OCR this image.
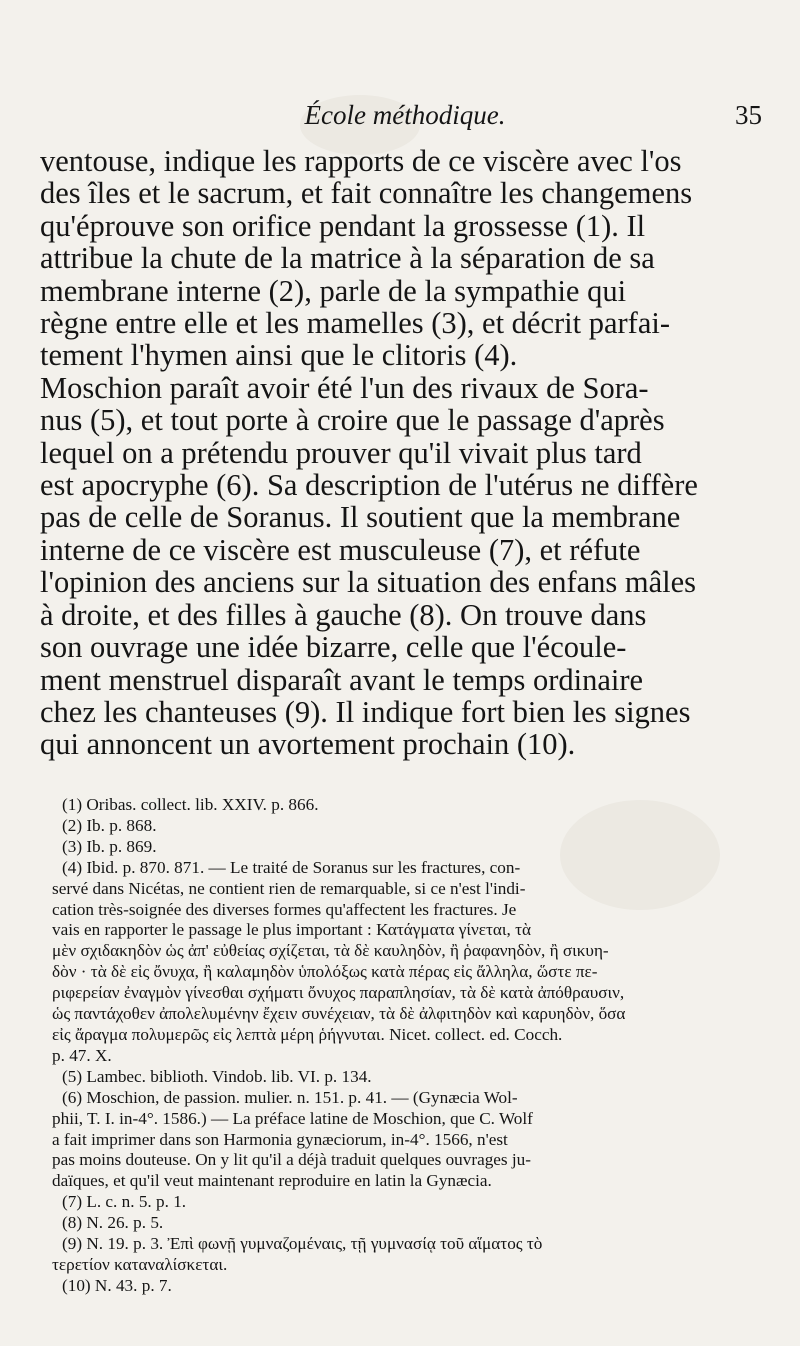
École méthodique.	35
ventouse, indique les rapports de ce viscère avec l'os
des îles et le sacrum, et fait connaître les changemens
qu'éprouve son orifice pendant la grossesse (1). Il
attribue la chute de la matrice à la séparation de sa
membrane interne (2), parle de la sympathie qui
règne entre elle et les mamelles (3), et décrit parfai-
tement l'hymen ainsi que le clitoris (4).
Moschion paraît avoir été l'un des rivaux de Sora-
nus (5), et tout porte à croire que le passage d'après
lequel on a prétendu prouver qu'il vivait plus tard
est apocryphe (6). Sa description de l'utérus ne diffère
pas de celle de Soranus. Il soutient que la membrane
interne de ce viscère est musculeuse (7), et réfute
l'opinion des anciens sur la situation des enfans mâles
à droite, et des filles à gauche (8). On trouve dans
son ouvrage une idée bizarre, celle que l'écoule-
ment menstruel disparaît avant le temps ordinaire
chez les chanteuses (9). Il indique fort bien les signes
qui annoncent un avortement prochain (10).
(1) Oribas. collect. lib. XXIV. p. 866.
(2) Ib. p. 868.
(3) Ib. p. 869.
(4) Ibid. p. 870. 871. — Le traité de Soranus sur les fractures, con-
servé dans Nicétas, ne contient rien de remarquable, si ce n'est l'indi-
cation très-soignée des diverses formes qu'affectent les fractures. Je
vais en rapporter le passage le plus important : Κατάγματα γίνεται, τὰ
μὲν σχιδακηδὸν ὡς ἀπ' εὐθείας σχίζεται, τὰ δὲ καυληδὸν, ἢ ῥαφανηδὸν, ἢ σικυη-
δὸν · τὰ δὲ εἰς ὄνυχα, ἢ καλαμηδὸν ὑπολόξως κατὰ πέρας εἰς ἄλληλα, ὥστε πε-
ριφερείαν ἐναγμὸν γίνεσθαι σχήματι ὄνυχος παραπλησίαν, τὰ δὲ κατὰ ἀπόθραυσιν,
ὡς παντάχοθεν ἀπολελυμένην ἔχειν συνέχειαν, τὰ δὲ ἀλφιτηδὸν καὶ καρυηδὸν, ὅσα
εἰς ἄραγμα πολυμερῶς εἰς λεπτὰ μέρη ῥήγνυται. Nicet. collect. ed. Cocch.
p. 47. X.
(5) Lambec. biblioth. Vindob. lib. VI. p. 134.
(6) Moschion, de passion. mulier. n. 151. p. 41. — (Gynæcia Wol-
phii, T. I. in-4°. 1586.) — La préface latine de Moschion, que C. Wolf
a fait imprimer dans son Harmonia gynæciorum, in-4°. 1566, n'est
pas moins douteuse. On y lit qu'il a déjà traduit quelques ouvrages ju-
daïques, et qu'il veut maintenant reproduire en latin la Gynæcia.
(7) L. c. n. 5. p. 1.
(8) N. 26. p. 5.
(9) N. 19. p. 3. Ἐπὶ φωνῇ γυμναζομέναις, τῇ γυμνασίᾳ τοῦ αἵματος τὸ
τερετίον καταναλίσκεται.
(10) N. 43. p. 7.
